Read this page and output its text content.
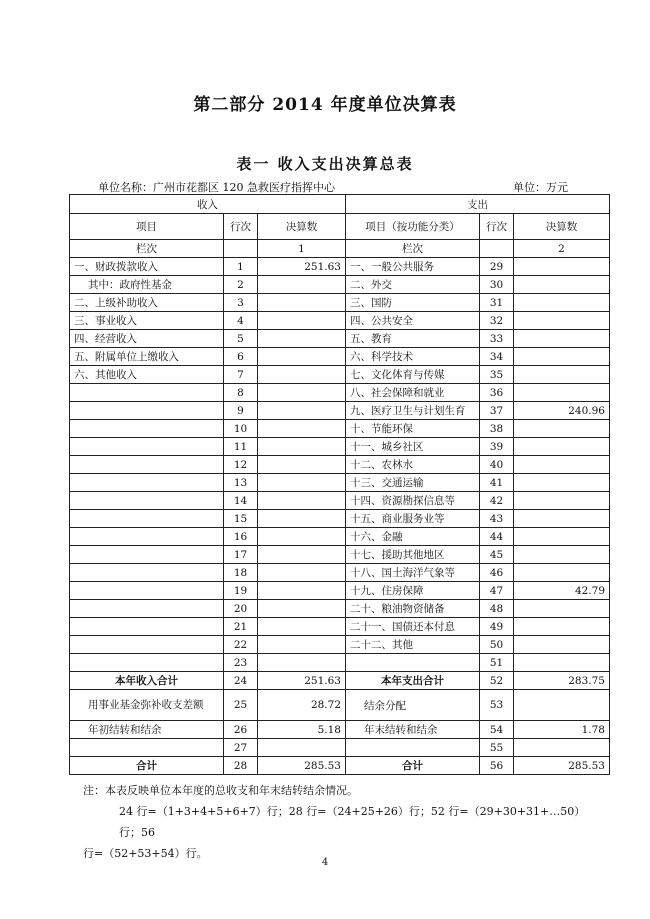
第二部分 2014 年度单位决算表
表一 收入支出决算总表
单位名称：广州市花都区 120 急救医疗指挥中心	单位：万元
收入			支出		
项目	行次	决算数	项目（按功能分类）	行次	决算数
栏次		1	栏次		2
一、财政拨款收入	1	251.63	一、一般公共服务	29	
其中：政府性基金	2		二、外交	30	
二、上级补助收入	3		三、国防	31	
三、事业收入	4		四、公共安全	32	
四、经营收入	5		五、教育	33	
五、附属单位上缴收入	6		六、科学技术	34	
六、其他收入	7		七、文化体育与传媒	35	
	8		八、社会保障和就业	36	
	9		九、医疗卫生与计划生育	37	240.96
	10		十、节能环保	38	
	11		十一、城乡社区	39	
	12		十二、农林水	40	
	13		十三、交通运输	41	
	14		十四、资源勘探信息等	42	
	15		十五、商业服务业等	43	
	16		十六、金融	44	
	17		十七、援助其他地区	45	
	18		十八、国土海洋气象等	46	
	19		十九、住房保障	47	42.79
	20		二十、粮油物资储备	48	
	21		二十一、国债还本付息	49	
	22		二十二、其他	50	
	23			51	
本年收入合计	24	251.63	本年支出合计	52	283.75
用事业基金弥补收支差额	25	28.72	结余分配	53	
年初结转和结余	26	5.18	年末结转和结余	54	1.78
	27			55	
合计	28	285.53	合计	56	285.53
注：本表反映单位本年度的总收支和年末结转结余情况。
24 行=（1+3+4+5+6+7）行；28 行=（24+25+26）行；52 行=（29+30+31+…50）行；56
行=（52+53+54）行。
4
